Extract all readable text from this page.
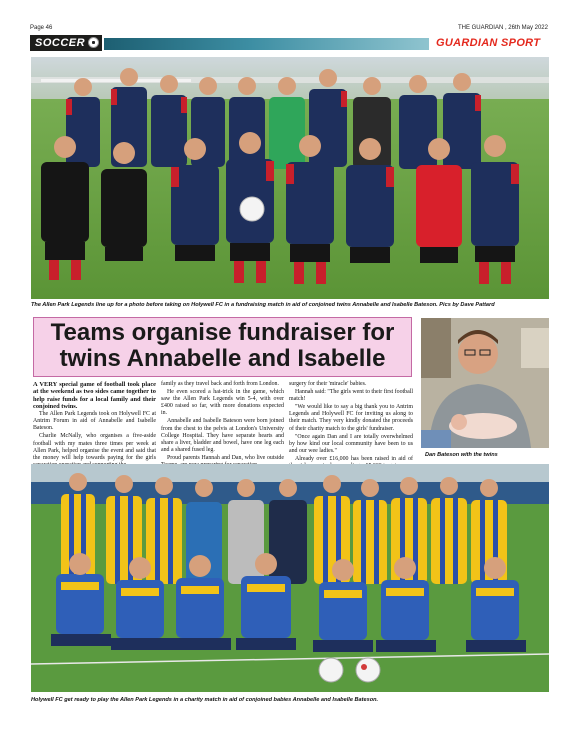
Page 46	THE GUARDIAN , 26th May 2022
SOCCER	GUARDIAN SPORT
The Allen Park Legends line up for a photo before taking on Holywell FC in a fundraising match in aid of conjoined twins Annabelle and Isabelle Bateson. Pics by Dave Pattard
Teams organise fundraiser for
twins Annabelle and Isabelle
Dan Bateson with the twins

A VERY special game of football took place at the weekend as two sides came together to help raise funds for a local family and their conjoined twins.

The Allen Park Legends took on Holywell FC at Antrim Forum in aid of Annabelle and Isabelle Bateson.

Charlie McNally, who organises a five-aside football with my mates three times per week at Allen Park, helped organise the event and said that the money will help towards paying for the girls

family as they travel back and forth from London.

He even scored a hat-trick in the game, which saw the Allen Park Legends win 5-4, with over £400 raised so far, with more donations expected in.

Annabelle and Isabelle Bateson were born joined from the chest to the pelvis at London's University College Hospital. They have separate hearts and share a liver, bladder and bowel, have one leg each and a shared fused leg.

Proud parents Hannah and Dan, who live outside

surgery for their 'miracle' babies.

Hannah said: "The girls went to their first football match!

"We would like to say a big thank you to Antrim Legends and Holywell FC for inviting us along to their match. They very kindly donated the proceeds of their charity match to the girls' fundraiser.

"Once again Dan and I are totally overwhelmed by how kind our local community have been to us and our wee ladies."

Already over £16,000 has been raised in aid of

Holywell FC get ready to play the Allen Park Legends in a charity match in aid of conjoined babies Annabelle and Isabelle Bateson.
